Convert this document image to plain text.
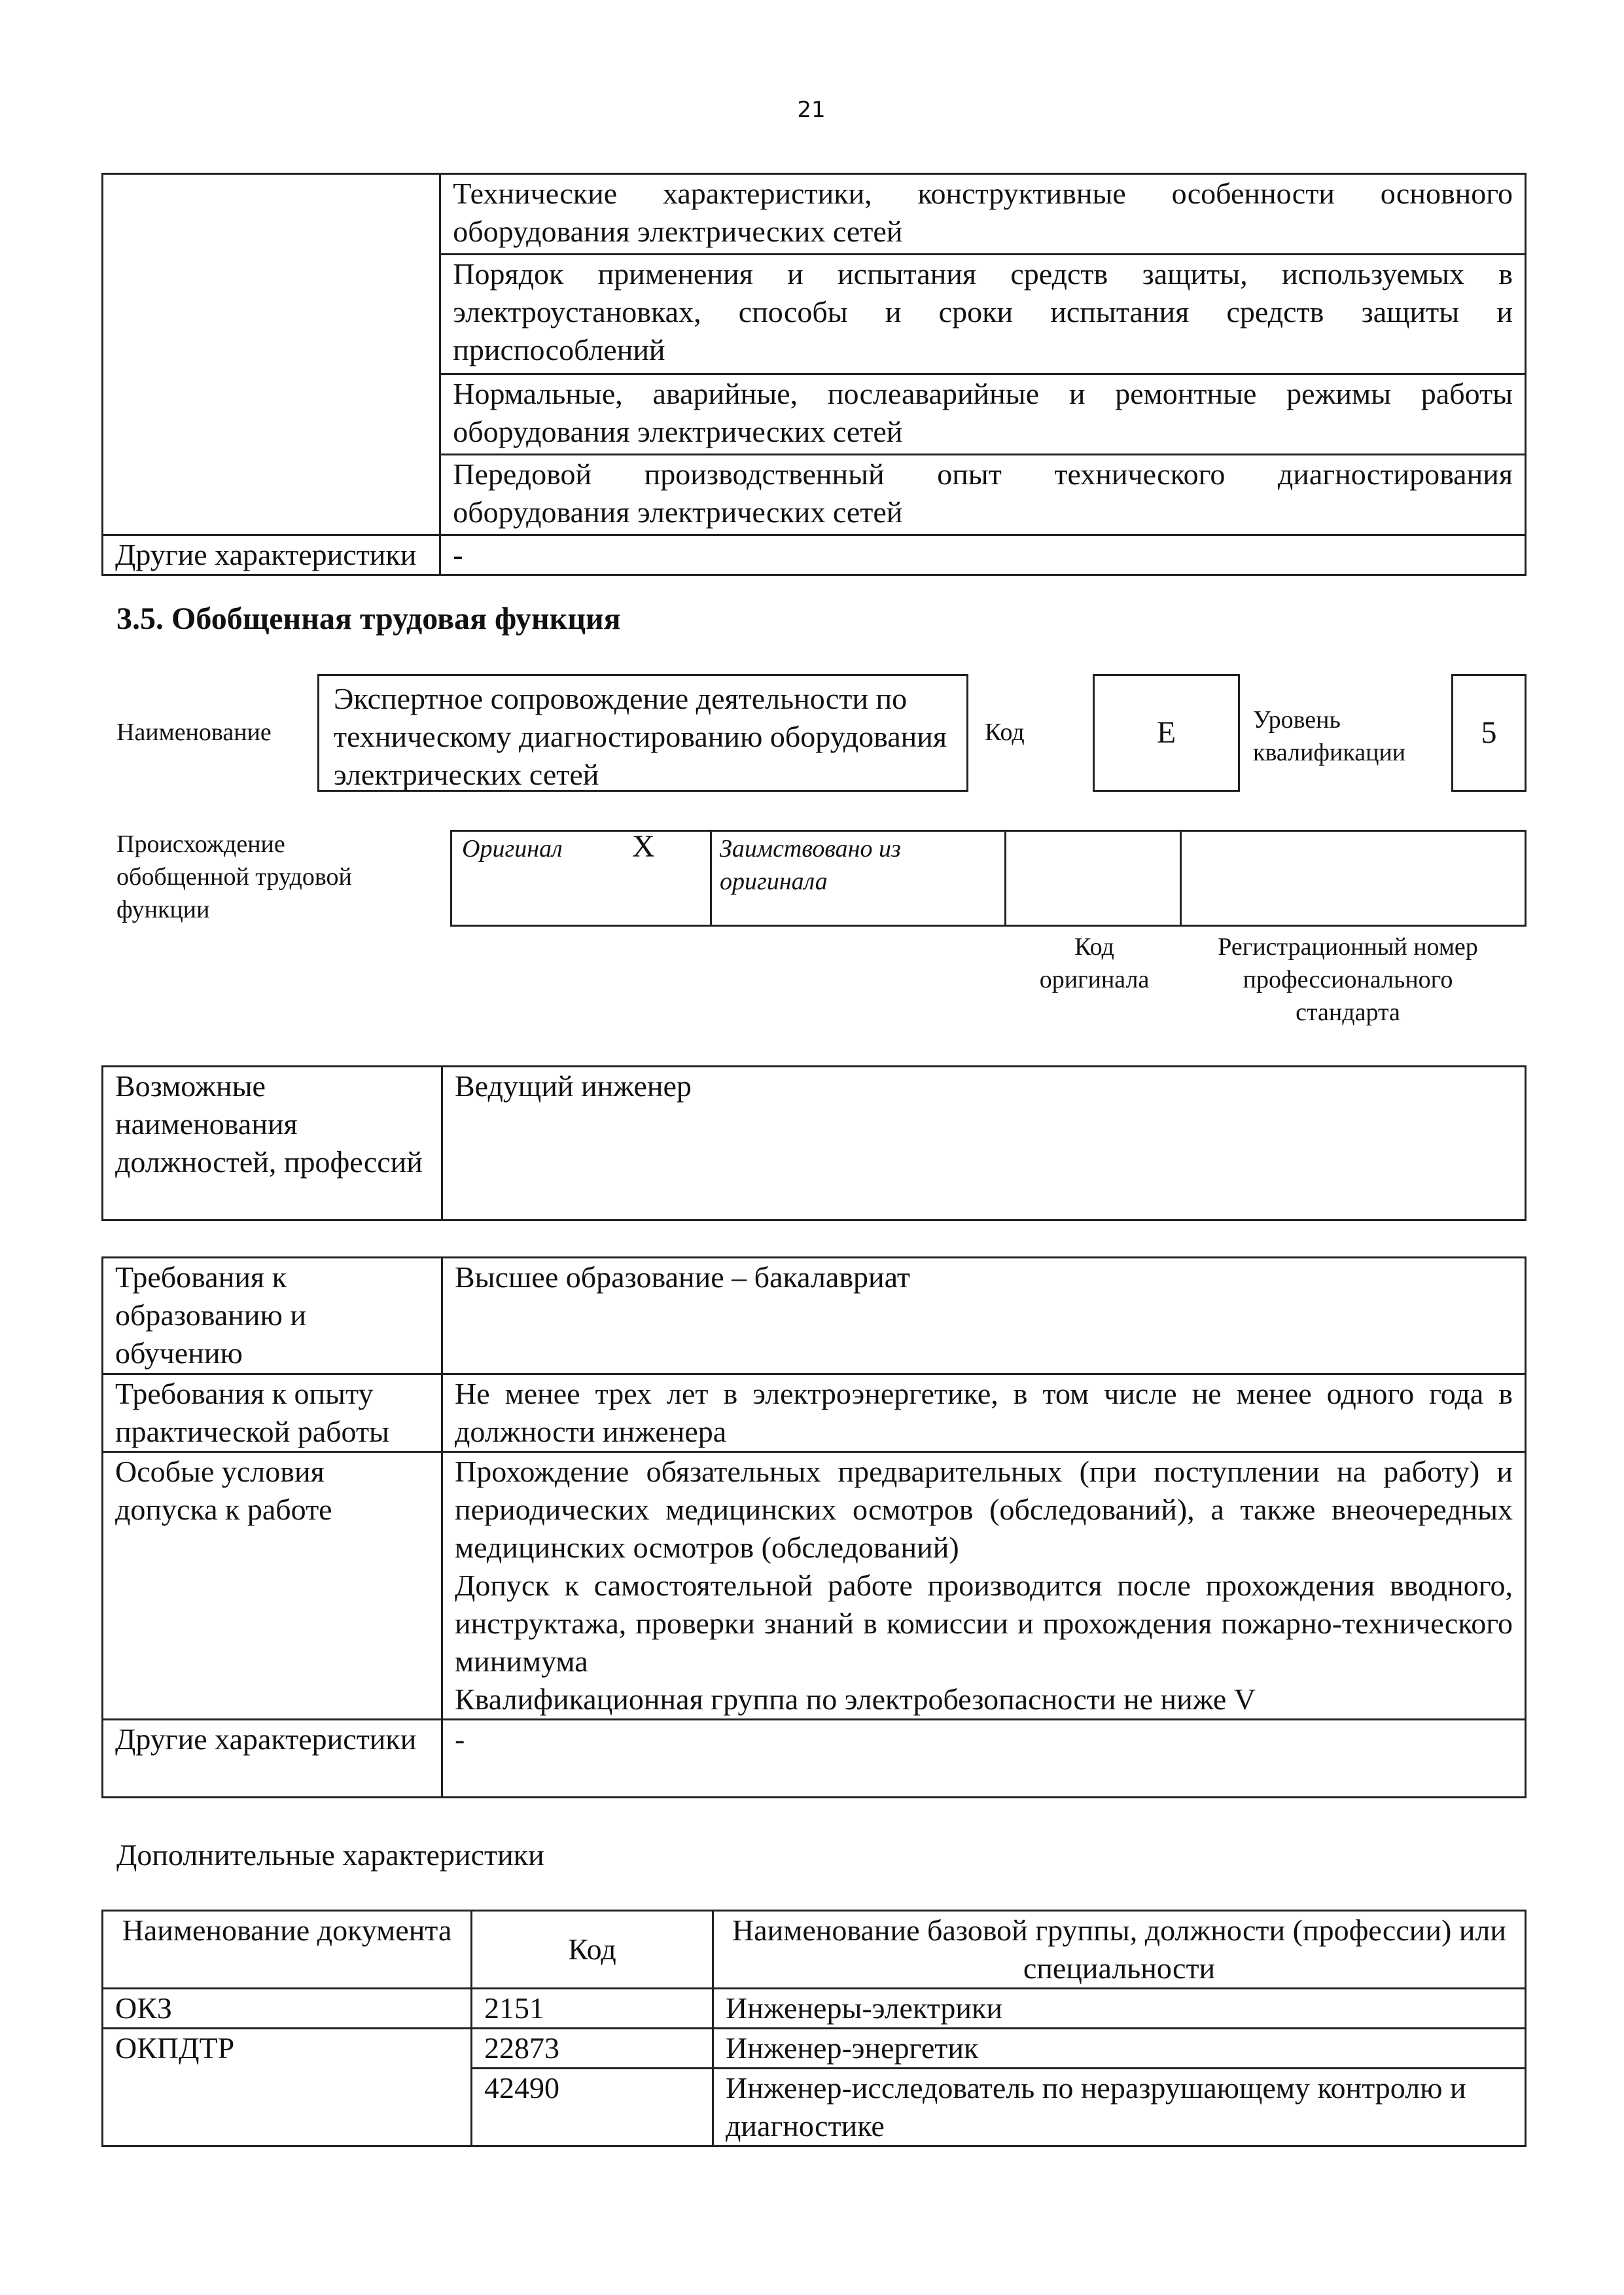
21
	Технические характеристики, конструктивные особенности основного оборудования электрических сетей
	Порядок применения и испытания средств защиты, используемых в электроустановках, способы и сроки испытания средств защиты и приспособлений
	Нормальные, аварийные, послеаварийные и ремонтные режимы работы оборудования электрических сетей
	Передовой производственный опыт технического диагностирования оборудования электрических сетей
Другие характеристики	-
3.5. Обобщенная трудовая функция
Наименование
Экспертное сопровождение деятельности по техническому диагностированию оборудования электрических сетей
Код	E	Уровень квалификации
5
Происхождение обобщенной трудовой функции
Оригинал X	Заимствовано из оригинала
Код оригинала
Регистрационный номер профессионального стандарта
Возможные наименования должностей, профессий	Ведущий инженер
Требования к образованию и обучению	Высшее образование – бакалавриат
Требования к опыту практической работы	Не менее трех лет в электроэнергетике, в том числе не менее одного года в должности инженера
Особые условия допуска к работе	Прохождение обязательных предварительных (при поступлении на работу) и периодических медицинских осмотров (обследований), а также внеочередных медицинских осмотров (обследований)
Допуск к самостоятельной работе производится после прохождения вводного, инструктажа, проверки знаний в комиссии и прохождения пожарно-технического минимума
Квалификационная группа по электробезопасности не ниже V

Другие характеристики	-
Дополнительные характеристики
Наименование документа	Код	Наименование базовой группы, должности (профессии) или специальности
ОКЗ	2151	Инженеры-электрики
ОКПДТР	22873	Инженер-энергетик
	42490	Инженер-исследователь по неразрушающему контролю и диагностике
